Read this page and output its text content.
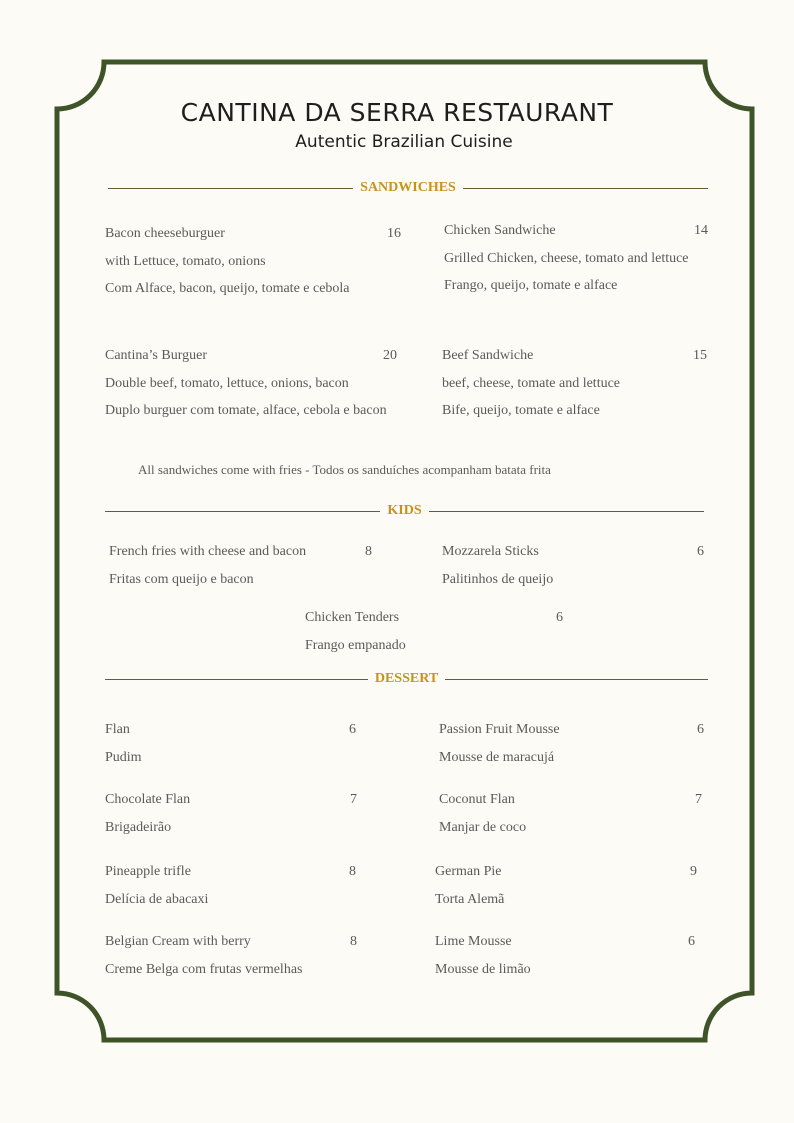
CANTINA DA SERRA RESTAURANT
Autentic Brazilian Cuisine
SANDWICHES
Bacon cheeseburguer	16
with Lettuce, tomato, onions
Com Alface, bacon, queijo, tomate e cebola
Chicken Sandwiche	14
Grilled Chicken, cheese, tomato and lettuce
Frango, queijo, tomate e alface
Cantina’s Burguer	20
Double beef, tomato, lettuce, onions, bacon
Duplo burguer com tomate, alface, cebola e bacon
Beef Sandwiche	15
beef, cheese, tomate and lettuce
Bife, queijo, tomate e alface
All sandwiches come with fries - Todos os sanduíches acompanham batata frita
KIDS
French fries with cheese and bacon	8
Fritas com queijo e bacon
Mozzarela Sticks	6
Palitinhos de queijo
Chicken Tenders	6
Frango empanado
DESSERT
Flan	6
Pudim
Passion Fruit Mousse	6
Mousse de maracujá
Chocolate Flan	7
Brigadeirão
Coconut Flan	7
Manjar de coco
Pineapple trifle	8
Delícia de abacaxi
German Pie	9
Torta Alemã
Belgian Cream with berry	8
Creme Belga com frutas vermelhas
Lime Mousse	6
Mousse de limão
